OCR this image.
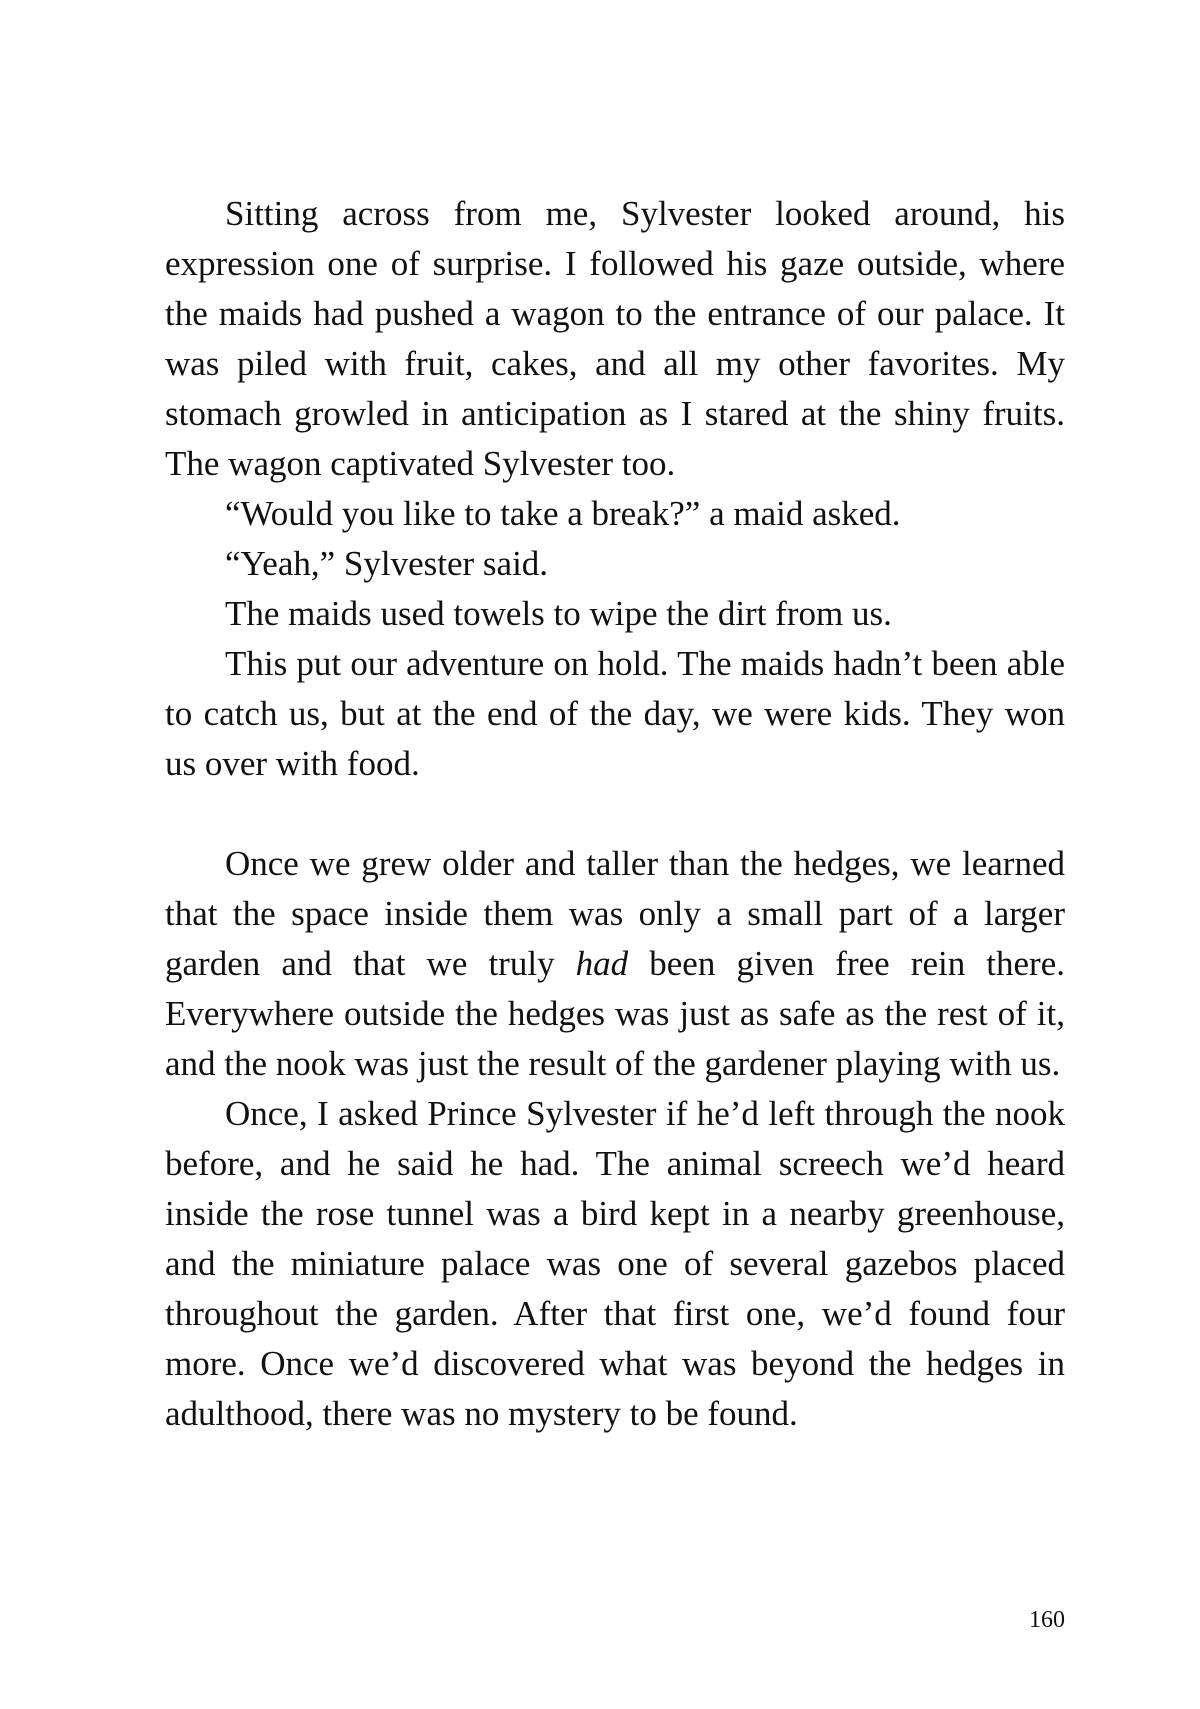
Sitting across from me, Sylvester looked around, his expression one of surprise. I followed his gaze outside, where the maids had pushed a wagon to the entrance of our palace. It was piled with fruit, cakes, and all my other favorites. My stomach growled in anticipation as I stared at the shiny fruits. The wagon captivated Sylvester too.

“Would you like to take a break?” a maid asked.

“Yeah,” Sylvester said.

The maids used towels to wipe the dirt from us.

This put our adventure on hold. The maids hadn’t been able to catch us, but at the end of the day, we were kids. They won us over with food.

Once we grew older and taller than the hedges, we learned that the space inside them was only a small part of a larger garden and that we truly had been given free rein there. Everywhere outside the hedges was just as safe as the rest of it, and the nook was just the result of the gardener playing with us.

Once, I asked Prince Sylvester if he’d left through the nook before, and he said he had. The animal screech we’d heard inside the rose tunnel was a bird kept in a nearby greenhouse, and the miniature palace was one of several gazebos placed throughout the garden. After that first one, we’d found four more. Once we’d discovered what was beyond the hedges in adulthood, there was no mystery to be found.

160
